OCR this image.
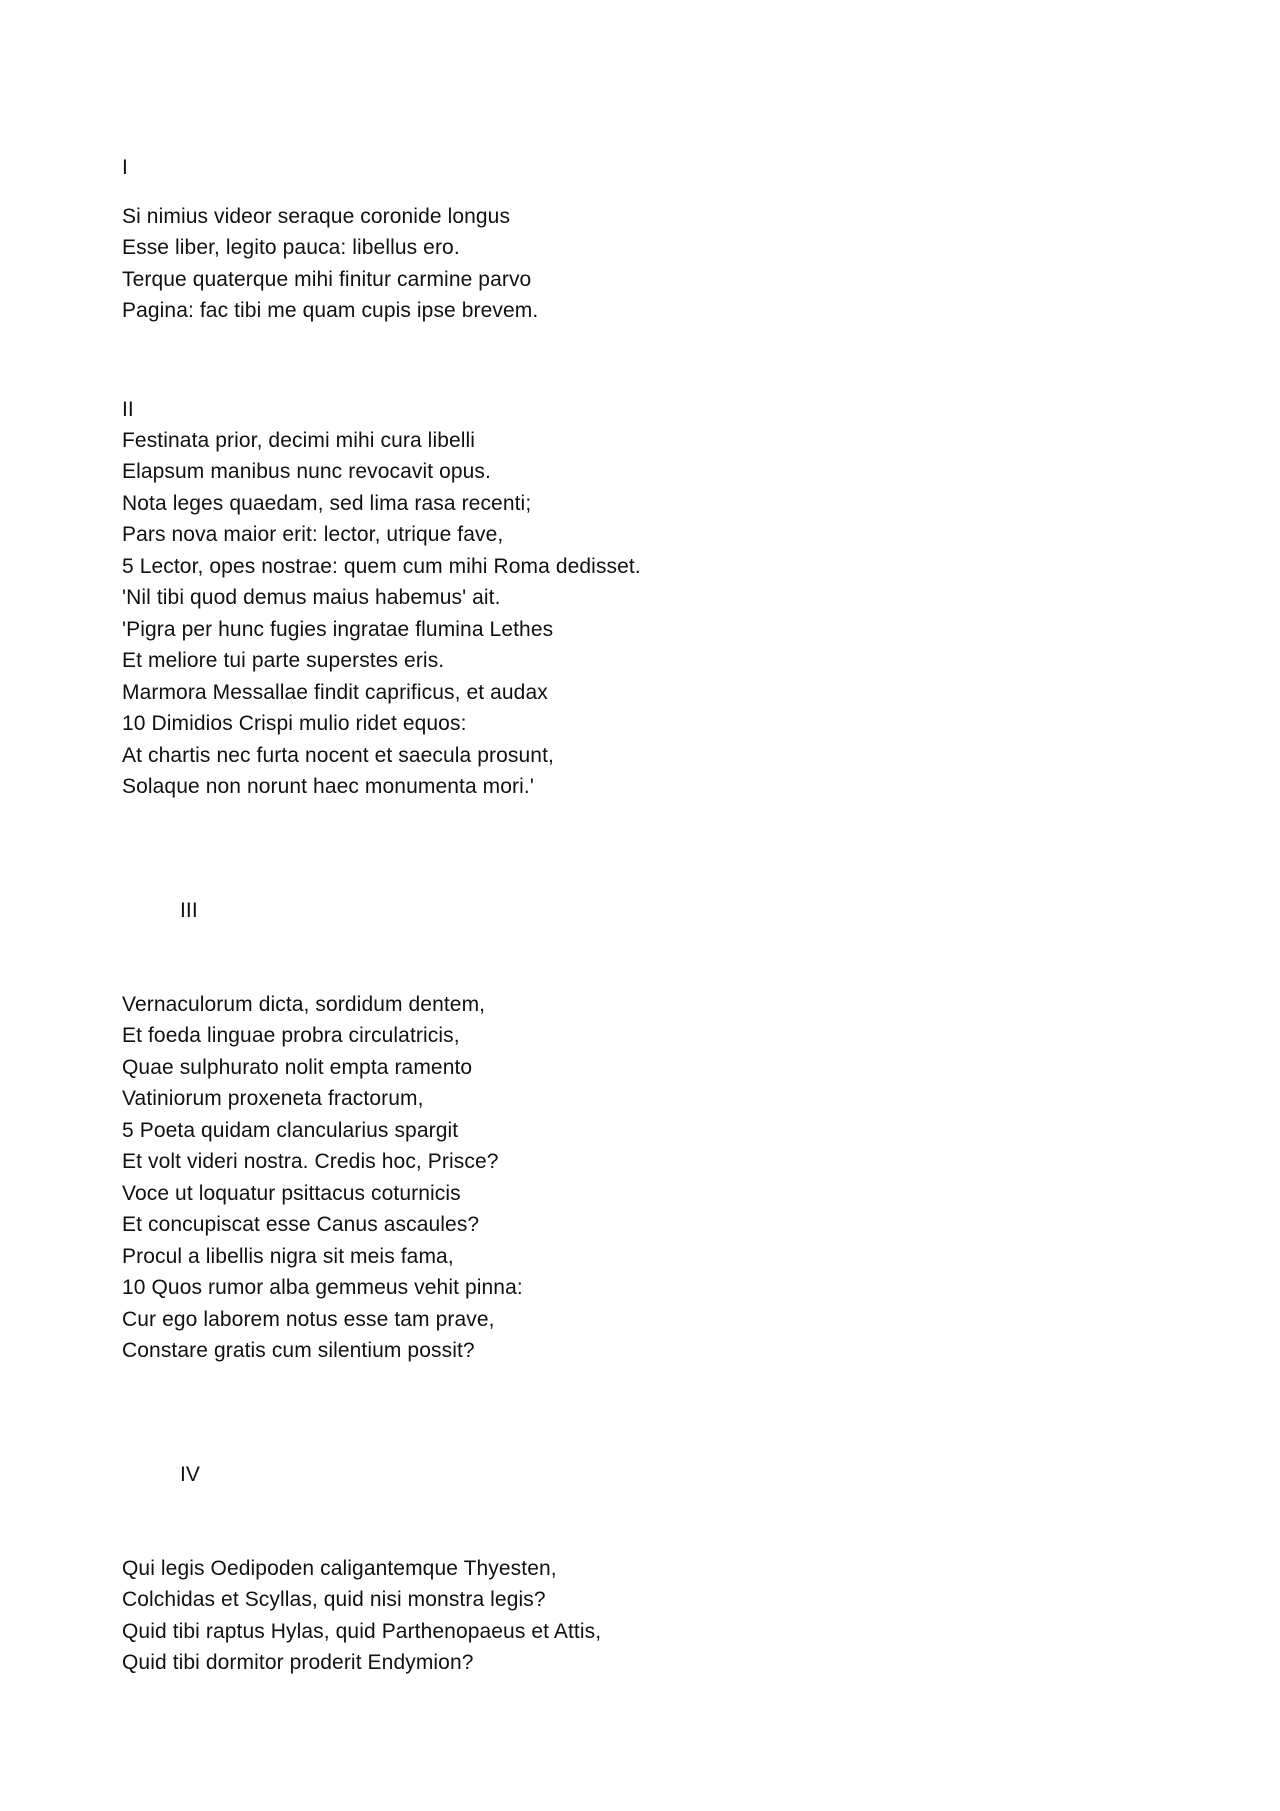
I
Si nimius videor seraque coronide longus
Esse liber, legito pauca: libellus ero.
Terque quaterque mihi finitur carmine parvo
Pagina: fac tibi me quam cupis ipse brevem.
II
Festinata prior, decimi mihi cura libelli
Elapsum manibus nunc revocavit opus.
Nota leges quaedam, sed lima rasa recenti;
Pars nova maior erit: lector, utrique fave,
5 Lector, opes nostrae: quem cum mihi Roma dedisset.
'Nil tibi quod demus maius habemus' ait.
'Pigra per hunc fugies ingratae flumina Lethes
Et meliore tui parte superstes eris.
Marmora Messallae findit caprificus, et audax
10 Dimidios Crispi mulio ridet equos:
At chartis nec furta nocent et saecula prosunt,
Solaque non norunt haec monumenta mori.'
III
Vernaculorum dicta, sordidum dentem,
Et foeda linguae probra circulatricis,
Quae sulphurato nolit empta ramento
Vatiniorum proxeneta fractorum,
5 Poeta quidam clancularius spargit
Et volt videri nostra. Credis hoc, Prisce?
Voce ut loquatur psittacus coturnicis
Et concupiscat esse Canus ascaules?
Procul a libellis nigra sit meis fama,
10 Quos rumor alba gemmeus vehit pinna:
Cur ego laborem notus esse tam prave,
Constare gratis cum silentium possit?
IV
Qui legis Oedipoden caligantemque Thyesten,
Colchidas et Scyllas, quid nisi monstra legis?
Quid tibi raptus Hylas, quid Parthenopaeus et Attis,
Quid tibi dormitor proderit Endymion?
